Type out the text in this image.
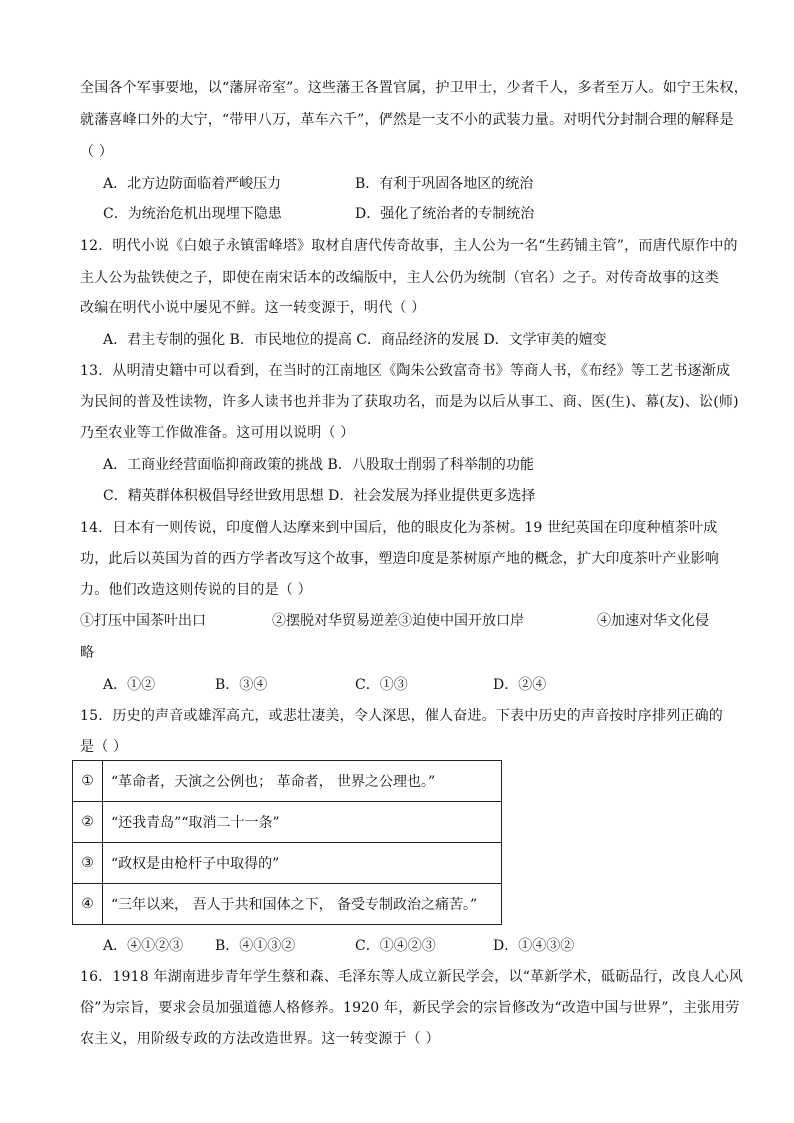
全国各个军事要地，以“藩屏帝室”。这些藩王各置官属，护卫甲士，少者千人，多者至万人。如宁王朱权，
就藩喜峰口外的大宁，“带甲八万，革车六千”，俨然是一支不小的武装力量。对明代分封制合理的解释是
（ ）
A．北方边防面临着严峻压力	B．有利于巩固各地区的统治
C．为统治危机出现埋下隐患	D．强化了统治者的专制统治
12．明代小说《白娘子永镇雷峰塔》取材自唐代传奇故事，主人公为一名“生药铺主管”，而唐代原作中的
主人公为盐铁使之子，即使在南宋话本的改编版中，主人公仍为统制（官名）之子。对传奇故事的这类
改编在明代小说中屡见不鲜。这一转变源于，明代（ ）
A．君主专制的强化 B．市民地位的提高 C．商品经济的发展 D．文学审美的嬗变
13．从明清史籍中可以看到，在当时的江南地区《陶朱公致富奇书》等商人书，《布经》等工艺书逐渐成
为民间的普及性读物，许多人读书也并非为了获取功名，而是为以后从事工、商、医(生)、幕(友)、讼(师)
乃至农业等工作做准备。这可用以说明（ ）
A．工商业经营面临抑商政策的挑战 B．八股取士削弱了科举制的功能
C．精英群体积极倡导经世致用思想 D．社会发展为择业提供更多选择
14．日本有一则传说，印度僧人达摩来到中国后，他的眼皮化为茶树。19 世纪英国在印度种植茶叶成
功，此后以英国为首的西方学者改写这个故事，塑造印度是茶树原产地的概念，扩大印度茶叶产业影响
力。他们改造这则传说的目的是（ ）
①打压中国茶叶出口	②摆脱对华贸易逆差③迫使中国开放口岸	④加速对华文化侵
略
A．①②	B．③④	C．①③	D．②④
15．历史的声音或雄浑高亢，或悲壮凄美，令人深思，催人奋进。下表中历史的声音按时序排列正确的
是（ ）
①	“革命者，天演之公例也； 革命者， 世界之公理也。”
②	“还我青岛”“取消二十一条”
③	“政权是由枪杆子中取得的”
④	“三年以来， 吾人于共和国体之下， 备受专制政治之痛苦。”
A．④①②③ B．④①③②	C．①④②③	D．①④③②
16．1918 年湖南进步青年学生蔡和森、毛泽东等人成立新民学会，以“革新学术，砥砺品行，改良人心风
俗”为宗旨，要求会员加强道德人格修养。1920 年，新民学会的宗旨修改为“改造中国与世界”，主张用劳
农主义，用阶级专政的方法改造世界。这一转变源于（ ）
